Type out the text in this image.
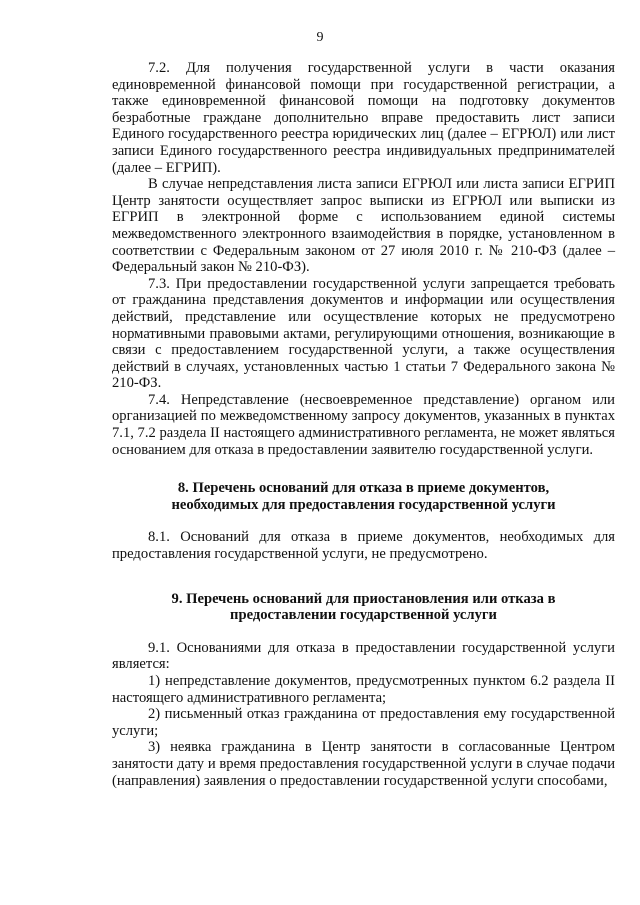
9

7.2. Для получения государственной услуги в части оказания единовременной финансовой помощи при государственной регистрации, а также единовременной финансовой помощи на подготовку документов безработные граждане дополнительно вправе предоставить лист записи Единого государственного реестра юридических лиц (далее – ЕГРЮЛ) или лист записи Единого государственного реестра индивидуальных предпринимателей (далее – ЕГРИП).

В случае непредставления листа записи ЕГРЮЛ или листа записи ЕГРИП Центр занятости осуществляет запрос выписки из ЕГРЮЛ или выписки из ЕГРИП в электронной форме с использованием единой системы межведомственного электронного взаимодействия в порядке, установленном в соответствии с Федеральным законом от 27 июля 2010 г. № 210-ФЗ (далее – Федеральный закон № 210-ФЗ).

7.3. При предоставлении государственной услуги запрещается требовать от гражданина представления документов и информации или осуществления действий, представление или осуществление которых не предусмотрено нормативными правовыми актами, регулирующими отношения, возникающие в связи с предоставлением государственной услуги, а также осуществления действий в случаях, установленных частью 1 статьи 7 Федерального закона № 210-ФЗ.

7.4. Непредставление (несвоевременное представление) органом или организацией по межведомственному запросу документов, указанных в пунктах 7.1, 7.2 раздела II настоящего административного регламента, не может являться основанием для отказа в предоставлении заявителю государственной услуги.

8. Перечень оснований для отказа в приеме документов,

необходимых для предоставления государственной услуги

8.1. Оснований для отказа в приеме документов, необходимых для предоставления государственной услуги, не предусмотрено.

9. Перечень оснований для приостановления или отказа в

предоставлении государственной услуги

9.1. Основаниями для отказа в предоставлении государственной услуги является:

1) непредставление документов, предусмотренных пунктом 6.2 раздела II настоящего административного регламента;

2) письменный отказ гражданина от предоставления ему государственной услуги;

3) неявка гражданина в Центр занятости в согласованные Центром занятости дату и время предоставления государственной услуги в случае подачи (направления) заявления о предоставлении государственной услуги способами,
